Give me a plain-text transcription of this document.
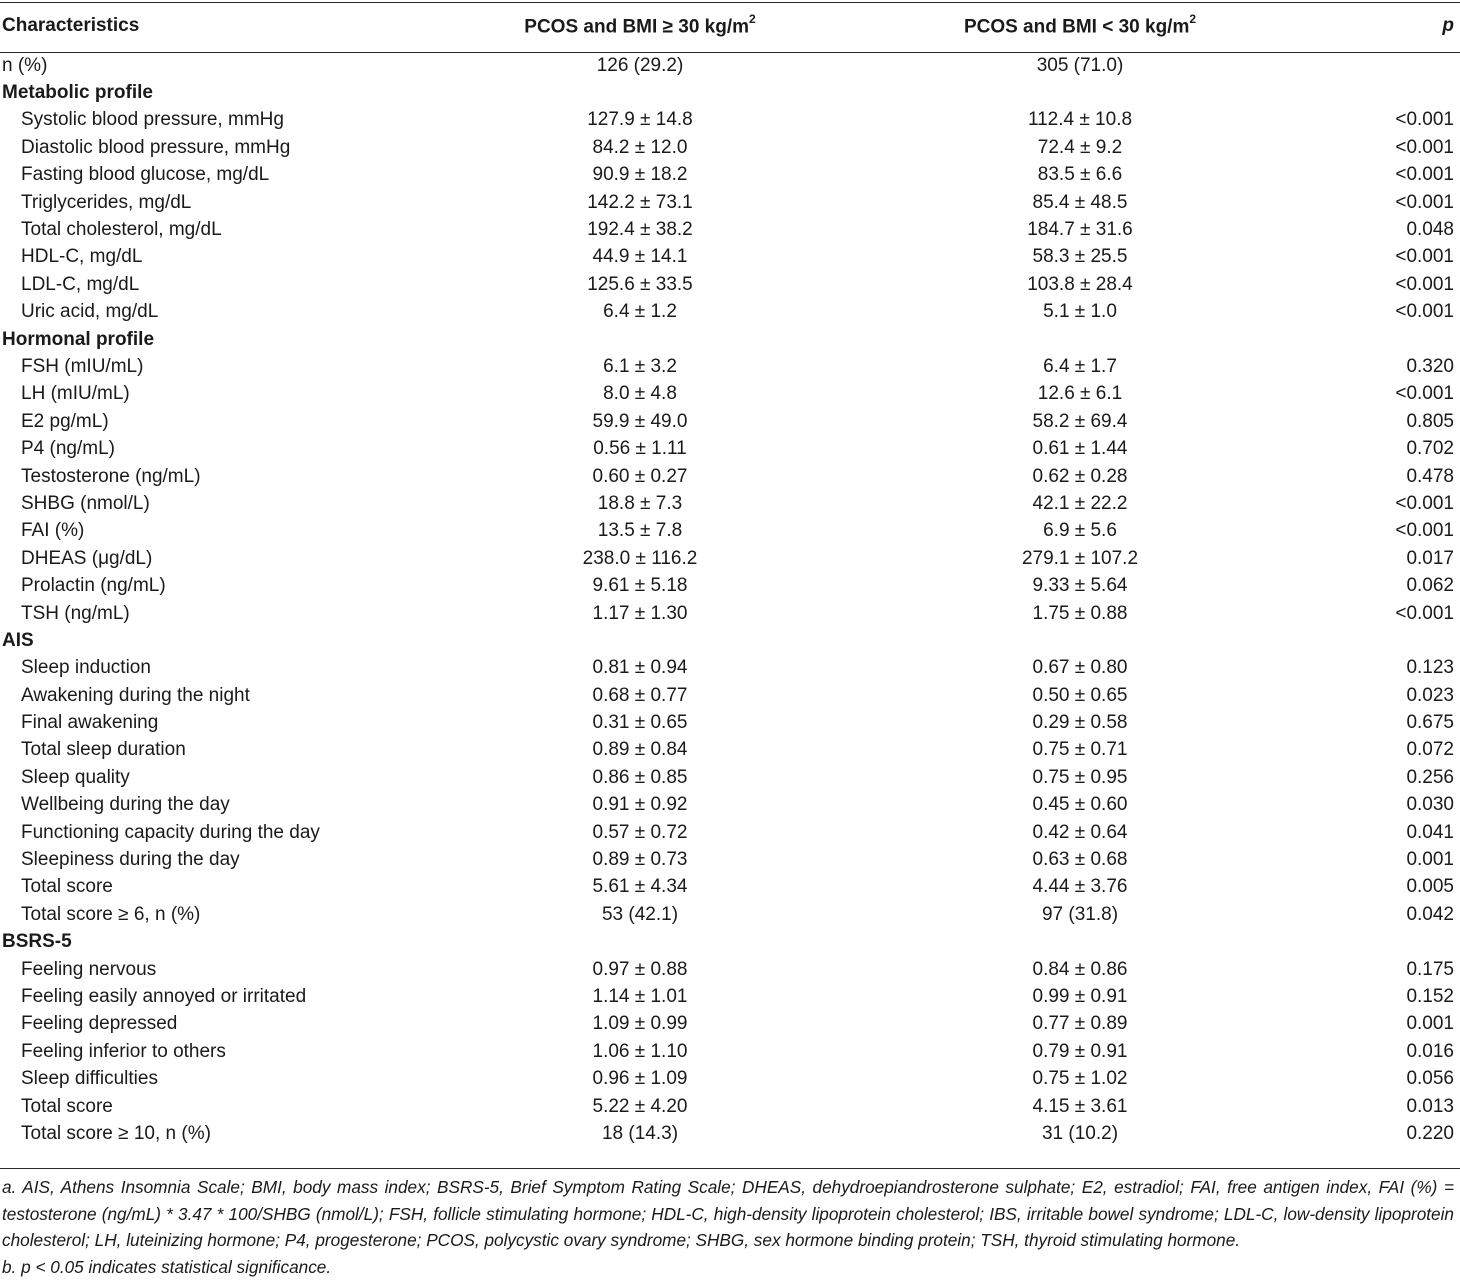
Characteristics	PCOS and BMI ≥ 30 $kg/m^2$	PCOS and BMI < 30 $kg/m^2$	p
n (%)	126 (29.2)	305 (71.0)	
Metabolic profile			
Systolic blood pressure, mmHg	127.9 ± 14.8	112.4 ± 10.8	<0.001
Diastolic blood pressure, mmHg	84.2 ± 12.0	72.4 ± 9.2	<0.001
Fasting blood glucose, mg/dL	90.9 ± 18.2	83.5 ± 6.6	<0.001
Triglycerides, mg/dL	142.2 ± 73.1	85.4 ± 48.5	<0.001
Total cholesterol, mg/dL	192.4 ± 38.2	184.7 ± 31.6	0.048
HDL-C, mg/dL	44.9 ± 14.1	58.3 ± 25.5	<0.001
LDL-C, mg/dL	125.6 ± 33.5	103.8 ± 28.4	<0.001
Uric acid, mg/dL	6.4 ± 1.2	5.1 ± 1.0	<0.001
Hormonal profile			
FSH (mIU/mL)	6.1 ± 3.2	6.4 ± 1.7	0.320
LH (mIU/mL)	8.0 ± 4.8	12.6 ± 6.1	<0.001
E2 pg/mL)	59.9 ± 49.0	58.2 ± 69.4	0.805
P4 (ng/mL)	0.56 ± 1.11	0.61 ± 1.44	0.702
Testosterone (ng/mL)	0.60 ± 0.27	0.62 ± 0.28	0.478
SHBG (nmol/L)	18.8 ± 7.3	42.1 ± 22.2	<0.001
FAI (%)	13.5 ± 7.8	6.9 ± 5.6	<0.001
DHEAS (μg/dL)	238.0 ± 116.2	279.1 ± 107.2	0.017
Prolactin (ng/mL)	9.61 ± 5.18	9.33 ± 5.64	0.062
TSH (ng/mL)	1.17 ± 1.30	1.75 ± 0.88	<0.001
AIS			
Sleep induction	0.81 ± 0.94	0.67 ± 0.80	0.123
Awakening during the night	0.68 ± 0.77	0.50 ± 0.65	0.023
Final awakening	0.31 ± 0.65	0.29 ± 0.58	0.675
Total sleep duration	0.89 ± 0.84	0.75 ± 0.71	0.072
Sleep quality	0.86 ± 0.85	0.75 ± 0.95	0.256
Wellbeing during the day	0.91 ± 0.92	0.45 ± 0.60	0.030
Functioning capacity during the day	0.57 ± 0.72	0.42 ± 0.64	0.041
Sleepiness during the day	0.89 ± 0.73	0.63 ± 0.68	0.001
Total score	5.61 ± 4.34	4.44 ± 3.76	0.005
Total score ≥ 6, n (%)	53 (42.1)	97 (31.8)	0.042
BSRS-5			
Feeling nervous	0.97 ± 0.88	0.84 ± 0.86	0.175
Feeling easily annoyed or irritated	1.14 ± 1.01	0.99 ± 0.91	0.152
Feeling depressed	1.09 ± 0.99	0.77 ± 0.89	0.001
Feeling inferior to others	1.06 ± 1.10	0.79 ± 0.91	0.016
Sleep difficulties	0.96 ± 1.09	0.75 ± 1.02	0.056
Total score	5.22 ± 4.20	4.15 ± 3.61	0.013
Total score ≥ 10, n (%)	18 (14.3)	31 (10.2)	0.220

a. AIS, Athens Insomnia Scale; BMI, body mass index; BSRS-5, Brief Symptom Rating Scale; DHEAS, dehydroepiandrosterone sulphate; E2, estradiol; FAI, free antigen index, FAI (%) = testosterone (ng/mL) * 3.47 * 100/SHBG (nmol/L); FSH, follicle stimulating hormone; HDL-C, high-density lipoprotein cholesterol; IBS, irritable bowel syndrome; LDL-C, low-density lipoprotein cholesterol; LH, luteinizing hormone; P4, progesterone; PCOS, polycystic ovary syndrome; SHBG, sex hormone binding protein; TSH, thyroid stimulating hormone.

b. p < 0.05 indicates statistical significance.
